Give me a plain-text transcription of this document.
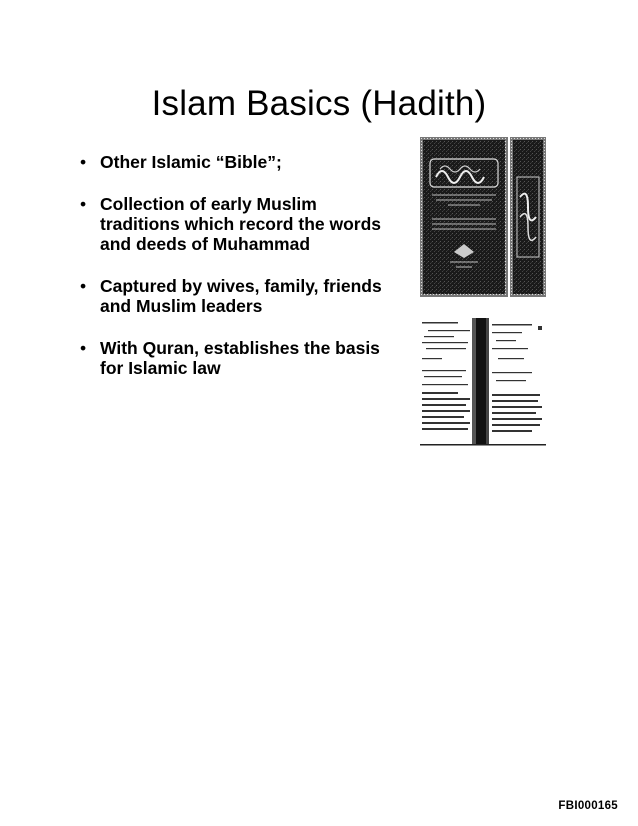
Islam Basics (Hadith)
• Other Islamic “Bible”;
• Collection of early Muslim traditions which record the words and deeds of Muhammad
• Captured by wives, family, friends and Muslim leaders
• With Quran, establishes the basis for Islamic law
FBI000165
